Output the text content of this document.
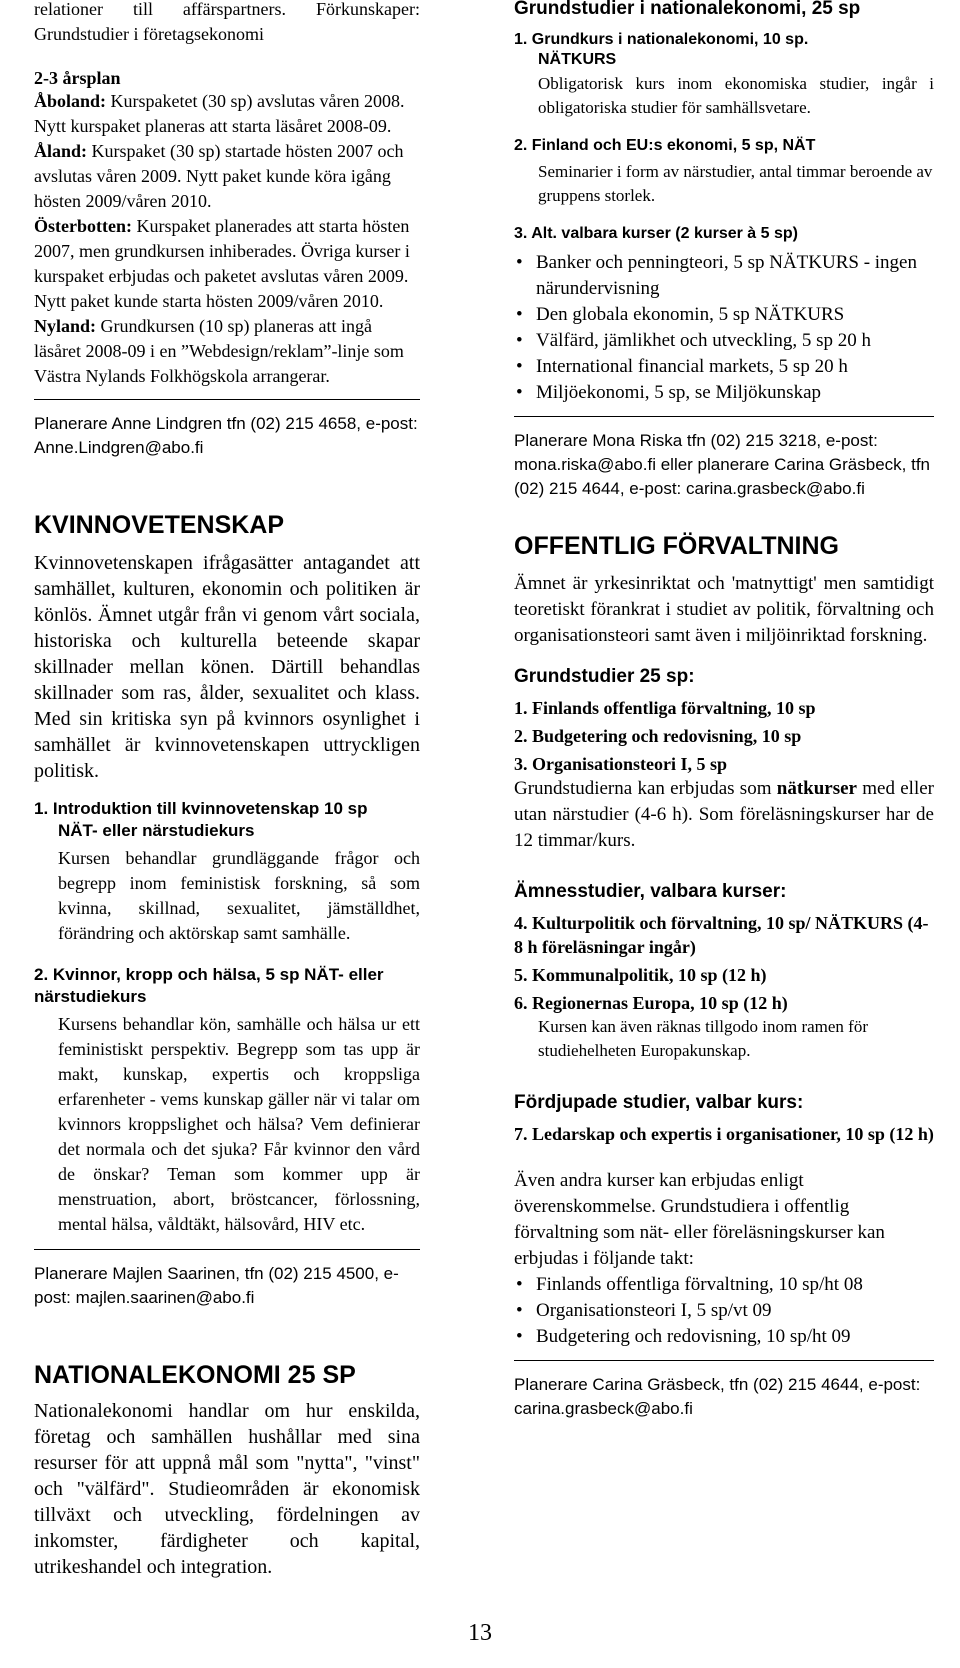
relationer till affärspartners. Förkunskaper: Grundstudier i företagsekonomi

2-3 årsplan

Åboland: Kurspaketet (30 sp) avslutas våren 2008. Nytt kurspaket planeras att starta läsåret 2008-09.

Åland: Kurspaket (30 sp) startade hösten 2007 och avslutas våren 2009. Nytt paket kunde köra igång hösten 2009/våren 2010.

Österbotten: Kurspaket planerades att starta hösten 2007, men grundkursen inhiberades. Övriga kurser i kurspaket erbjudas och paketet avslutas våren 2009. Nytt paket kunde starta hösten 2009/våren 2010.

Nyland: Grundkursen (10 sp) planeras att ingå läsåret 2008-09 i en ”Webdesign/reklam”-linje som Västra Nylands Folkhögskola arrangerar.

Planerare Anne Lindgren tfn (02) 215 4658, e-post: Anne.Lindgren@abo.fi

KVINNOVETENSKAP

Kvinnovetenskapen ifrågasätter antagandet att samhället, kulturen, ekonomin och politiken är könlös. Ämnet utgår från vi genom vårt sociala, historiska och kulturella beteende skapar skillnader mellan könen. Därtill behandlas skillnader som ras, ålder, sexualitet och klass. Med sin kritiska syn på kvinnors osynlighet i samhället är kvinnovetenskapen uttryckligen politisk.

1. Introduktion till kvinnovetenskap 10 sp
NÄT- eller närstudiekurs

Kursen behandlar grundläggande frågor och begrepp inom feministisk forskning, så som kvinna, skillnad, sexualitet, jämställdhet, förändring och aktörskap samt samhälle.

2. Kvinnor, kropp och hälsa, 5 sp NÄT- eller närstudiekurs

Kursens behandlar kön, samhälle och hälsa ur ett feministiskt perspektiv. Begrepp som tas upp är makt, kunskap, expertis och kroppsliga erfarenheter - vems kunskap gäller när vi talar om kvinnors kroppslighet och hälsa? Vem definierar det normala och det sjuka? Får kvinnor den vård de önskar? Teman som kommer upp är menstruation, abort, bröstcancer, förlossning, mental hälsa, våldtäkt, hälsovård, HIV etc.

Planerare Majlen Saarinen, tfn (02) 215 4500, e-post: majlen.saarinen@abo.fi

NATIONALEKONOMI 25 SP

Nationalekonomi handlar om hur enskilda, företag och samhällen hushållar med sina resurser för att uppnå mål som "nytta", "vinst" och "välfärd". Studieområden är ekonomisk tillväxt och utveckling, fördelningen av inkomster, färdigheter och kapital, utrikeshandel och integration.

Grundstudier i nationalekonomi, 25 sp
1. Grundkurs i nationalekonomi, 10 sp.
NÄTKURS

Obligatorisk kurs inom ekonomiska studier, ingår i obligatoriska studier för samhällsvetare.

2. Finland och EU:s ekonomi, 5 sp, NÄT

Seminarier i form av närstudier, antal timmar beroende av gruppens storlek.

3. Alt. valbara kurser (2 kurser à 5 sp)
• Banker och penningteori, 5 sp NÄTKURS - ingen närundervisning
• Den globala ekonomin, 5 sp NÄTKURS
• Välfärd, jämlikhet och utveckling, 5 sp 20 h
• International financial markets, 5 sp 20 h
• Miljöekonomi, 5 sp, se Miljökunskap

Planerare Mona Riska tfn (02) 215 3218, e-post: mona.riska@abo.fi eller planerare Carina Gräsbeck, tfn (02) 215 4644, e-post: carina.grasbeck@abo.fi

OFFENTLIG FÖRVALTNING

Ämnet är yrkesinriktat och 'matnyttigt' men samtidigt teoretiskt förankrat i studiet av politik, förvaltning och organisationsteori samt även i miljöinriktad forskning.

Grundstudier 25 sp:
1. Finlands offentliga förvaltning, 10 sp
2. Budgetering och redovisning, 10 sp
3. Organisationsteori I, 5 sp

Grundstudierna kan erbjudas som nätkurser med eller utan närstudier (4-6 h). Som föreläsningskurser har de 12 timmar/kurs.

Ämnesstudier, valbara kurser:
4. Kulturpolitik och förvaltning, 10 sp/ NÄTKURS (4-8 h föreläsningar ingår)
5. Kommunalpolitik, 10 sp (12 h)
6. Regionernas Europa, 10 sp (12 h)

Kursen kan även räknas tillgodo inom ramen för studiehelheten Europakunskap.

Fördjupade studier, valbar kurs:
7. Ledarskap och expertis i organisationer, 10 sp (12 h)

Även andra kurser kan erbjudas enligt överenskommelse. Grundstudiera i offentlig förvaltning som nät- eller föreläsningskurser kan erbjudas i följande takt:

• Finlands offentliga förvaltning, 10 sp/ht 08
• Organisationsteori I, 5 sp/vt 09
• Budgetering och redovisning, 10 sp/ht 09

Planerare Carina Gräsbeck, tfn (02) 215 4644, e-post: carina.grasbeck@abo.fi

13
